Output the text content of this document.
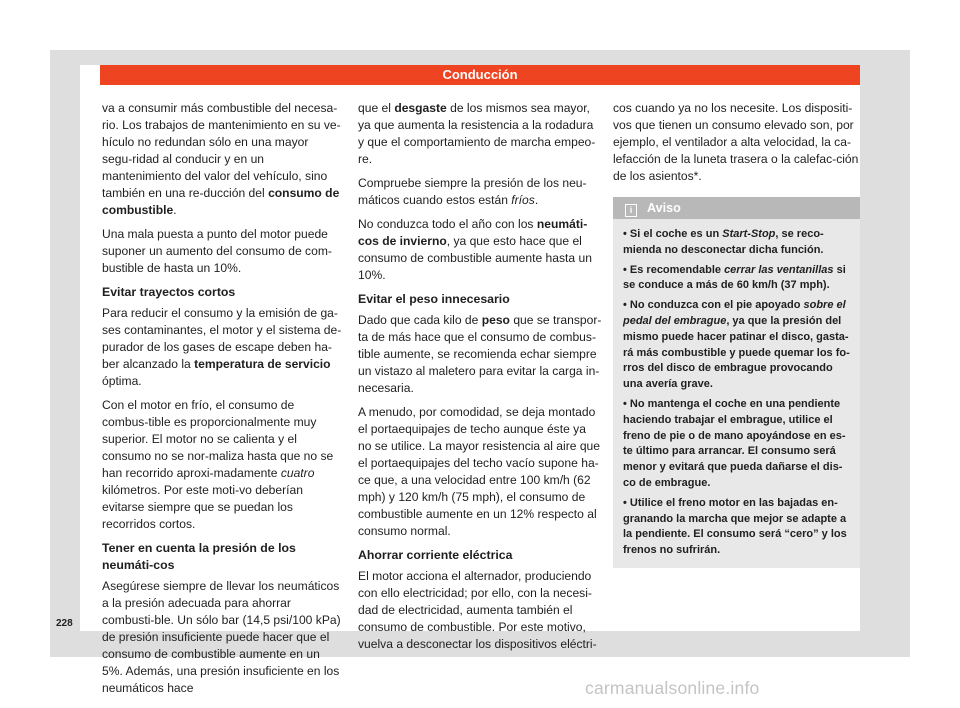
Conducción

va a consumir más combustible del necesa-rio. Los trabajos de mantenimiento en su ve-hículo no redundan sólo en una mayor segu-ridad al conducir y en un mantenimiento del valor del vehículo, sino también en una re-ducción del consumo de combustible.

Una mala puesta a punto del motor puede suponer un aumento del consumo de com-bustible de hasta un 10%.

Evitar trayectos cortos

Para reducir el consumo y la emisión de ga-ses contaminantes, el motor y el sistema de-purador de los gases de escape deben ha-ber alcanzado la temperatura de servicio óptima.

Con el motor en frío, el consumo de combus-tible es proporcionalmente muy superior. El motor no se calienta y el consumo no se nor-maliza hasta que no se han recorrido aproxi-madamente cuatro kilómetros. Por este moti-vo deberían evitarse siempre que se puedan los recorridos cortos.

Tener en cuenta la presión de los neumáti-cos

Asegúrese siempre de llevar los neumáticos a la presión adecuada para ahorrar combusti-ble. Un sólo bar (14,5 psi/100 kPa) de presión insuficiente puede hacer que el consumo de combustible aumente en un 5%. Además, una presión insuficiente en los neumáticos hace

que el desgaste de los mismos sea mayor, ya que aumenta la resistencia a la rodadura y que el comportamiento de marcha empeo-re.

Compruebe siempre la presión de los neu-máticos cuando estos están fríos.

No conduzca todo el año con los neumáti-cos de invierno, ya que esto hace que el consumo de combustible aumente hasta un 10%.

Evitar el peso innecesario

Dado que cada kilo de peso que se transpor-ta de más hace que el consumo de combus-tible aumente, se recomienda echar siempre un vistazo al maletero para evitar la carga in-necesaria.

A menudo, por comodidad, se deja montado el portaequipajes de techo aunque éste ya no se utilice. La mayor resistencia al aire que el portaequipajes del techo vacío supone ha-ce que, a una velocidad entre 100 km/h (62 mph) y 120 km/h (75 mph), el consumo de combustible aumente en un 12% respecto al consumo normal.

Ahorrar corriente eléctrica

El motor acciona el alternador, produciendo con ello electricidad; por ello, con la necesi-dad de electricidad, aumenta también el consumo de combustible. Por este motivo, vuelva a desconectar los dispositivos eléctri-

cos cuando ya no los necesite. Los dispositi-vos que tienen un consumo elevado son, por ejemplo, el ventilador a alta velocidad, la ca-lefacción de la luneta trasera o la calefac-ción de los asientos*.

i Aviso
• Si el coche es un Start-Stop, se reco-mienda no desconectar dicha función.
• Es recomendable cerrar las ventanillas si se conduce a más de 60 km/h (37 mph).
• No conduzca con el pie apoyado sobre el pedal del embrague, ya que la presión del mismo puede hacer patinar el disco, gasta-rá más combustible y puede quemar los fo-rros del disco de embrague provocando una avería grave.
• No mantenga el coche en una pendiente haciendo trabajar el embrague, utilice el freno de pie o de mano apoyándose en es-te último para arrancar. El consumo será menor y evitará que pueda dañarse el dis-co de embrague.
• Utilice el freno motor en las bajadas en-granando la marcha que mejor se adapte a la pendiente. El consumo será “cero” y los frenos no sufrirán.
228
carmanualsonline.info
